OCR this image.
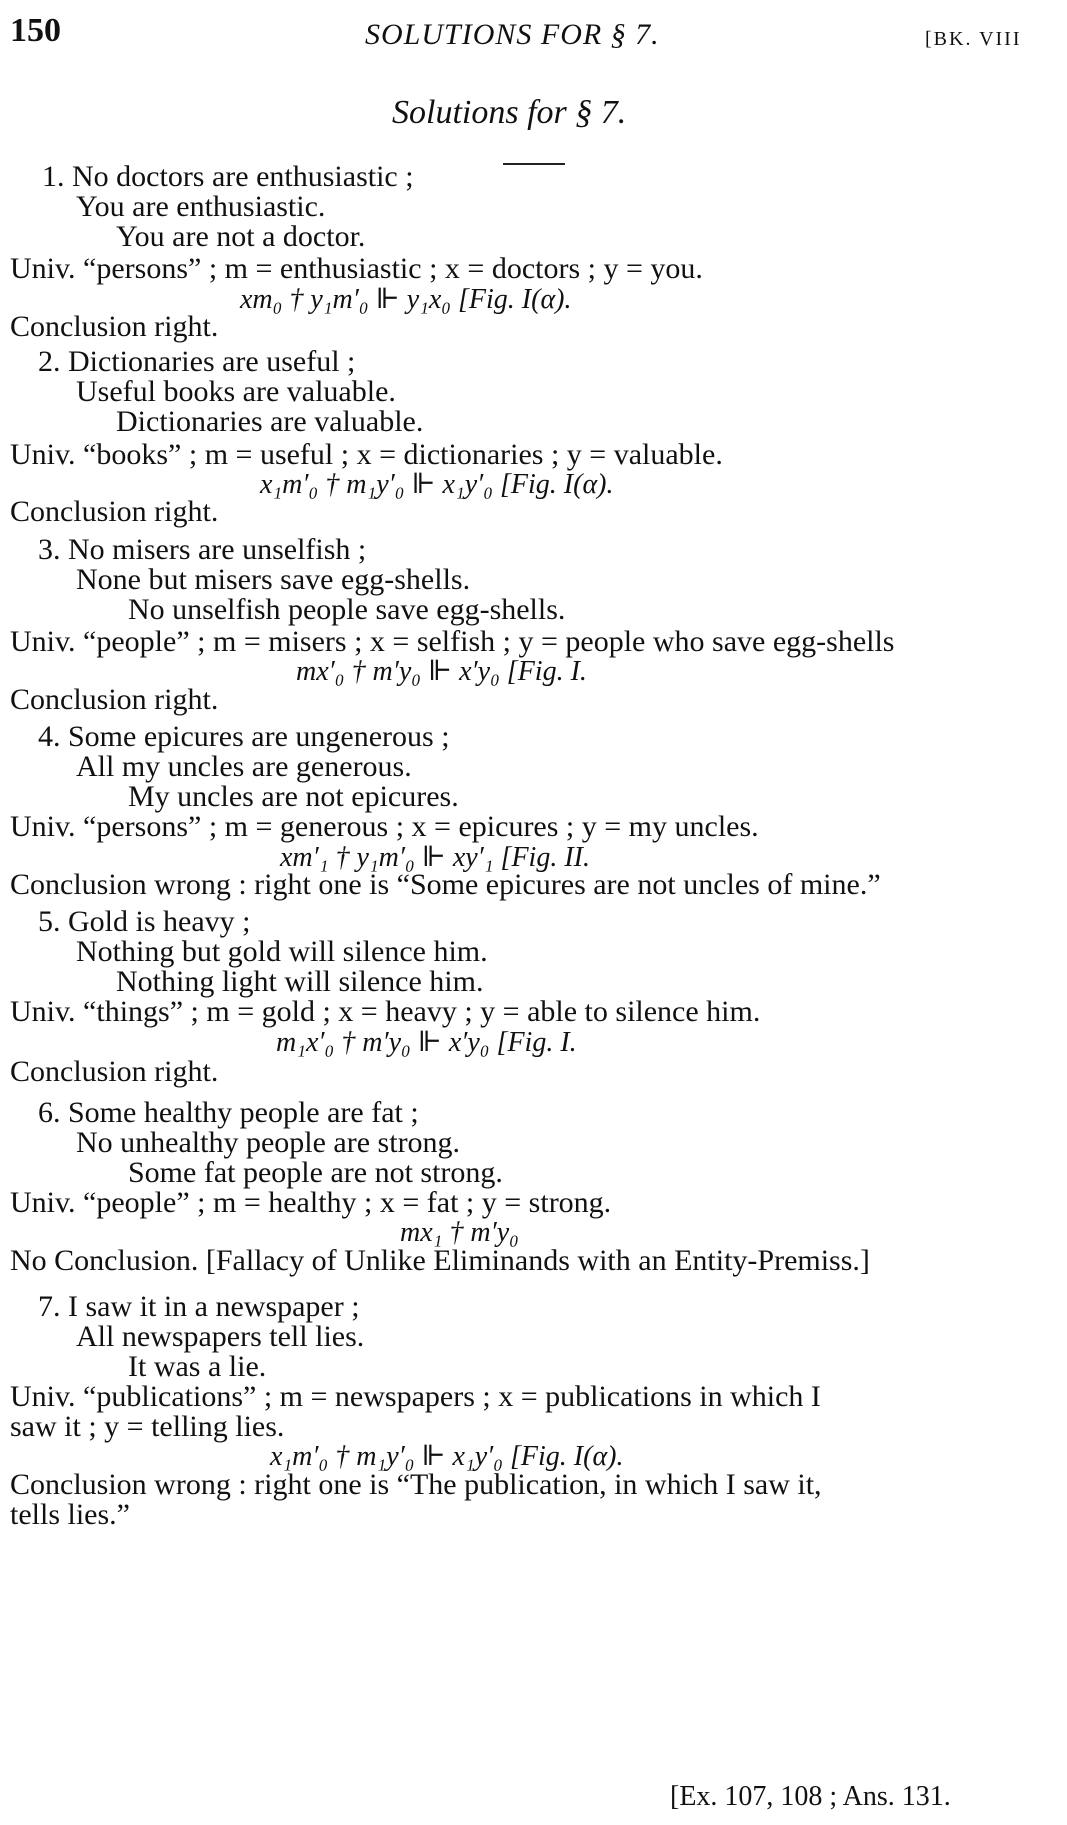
150	SOLUTIONS FOR § 7.	[BK. VIII
Solutions for § 7.
1. No doctors are enthusiastic ;
You are enthusiastic.
You are not a doctor.
Univ. “persons” ; m = enthusiastic ; x = doctors ; y = you.
xm₀ † y₁m′₀ ⊩ y₁x₀ [Fig. I(α).
Conclusion right.
2. Dictionaries are useful ;
Useful books are valuable.
Dictionaries are valuable.
Univ. “books” ; m = useful ; x = dictionaries ; y = valuable.
x₁m′₀ † m₁y′₀ ⊩ x₁y′₀ [Fig. I(α).
Conclusion right.
3. No misers are unselfish ;
None but misers save egg-shells.
No unselfish people save egg-shells.
Univ. “people” ; m = misers ; x = selfish ; y = people who save egg-shells
mx′₀ † m′y₀ ⊩ x′y₀ [Fig. I.
Conclusion right.
4. Some epicures are ungenerous ;
All my uncles are generous.
My uncles are not epicures.
Univ. “persons” ; m = generous ; x = epicures ; y = my uncles.
xm′₁ † y₁m′₀ ⊩ xy′₁ [Fig. II.
Conclusion wrong : right one is “Some epicures are not uncles of mine.”
5. Gold is heavy ;
Nothing but gold will silence him.
Nothing light will silence him.
Univ. “things” ; m = gold ; x = heavy ; y = able to silence him.
m₁x′₀ † m′y₀ ⊩ x′y₀ [Fig. I.
Conclusion right.
6. Some healthy people are fat ;
No unhealthy people are strong.
Some fat people are not strong.
Univ. “people” ; m = healthy ; x = fat ; y = strong.
mx₁ † m′y₀
No Conclusion. [Fallacy of Unlike Eliminands with an Entity-Premiss.]
7. I saw it in a newspaper ;
All newspapers tell lies.
It was a lie.
Univ. “publications” ; m = newspapers ; x = publications in which I
saw it ; y = telling lies.
x₁m′₀ † m₁y′₀ ⊩ x₁y′₀ [Fig. I(α).
Conclusion wrong : right one is “The publication, in which I saw it,
tells lies.”
[Ex. 107, 108 ; Ans. 131.
